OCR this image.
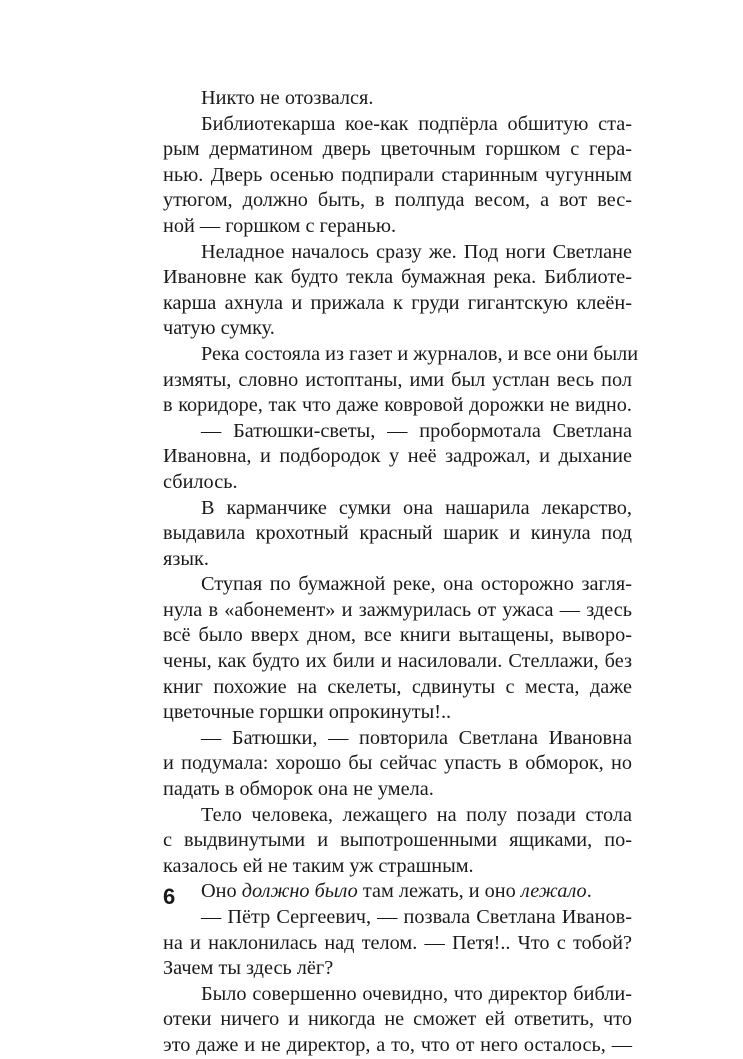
Никто не отозвался.
Библиотекарша кое-как подпёрла обшитую ста-
рым дерматином дверь цветочным горшком с гера-
нью. Дверь осенью подпирали старинным чугунным
утюгом, должно быть, в полпуда весом, а вот вес-
ной — горшком с геранью.
Неладное началось сразу же. Под ноги Светлане
Ивановне как будто текла бумажная река. Библиоте-
карша ахнула и прижала к груди гигантскую клеён-
чатую сумку.
Река состояла из газет и журналов, и все они были
измяты, словно истоптаны, ими был устлан весь пол
в коридоре, так что даже ковровой дорожки не видно.
— Батюшки-светы, — пробормотала Светлана
Ивановна, и подбородок у неё задрожал, и дыхание
сбилось.
В карманчике сумки она нашарила лекарство,
выдавила крохотный красный шарик и кинула под
язык.
Ступая по бумажной реке, она осторожно загля-
нула в «абонемент» и зажмурилась от ужаса — здесь
всё было вверх дном, все книги вытащены, выворо-
чены, как будто их били и насиловали. Стеллажи, без
книг похожие на скелеты, сдвинуты с места, даже
цветочные горшки опрокинуты!..
— Батюшки, — повторила Светлана Ивановна
и подумала: хорошо бы сейчас упасть в обморок, но
падать в обморок она не умела.
Тело человека, лежащего на полу позади стола
с выдвинутыми и выпотрошенными ящиками, по-
казалось ей не таким уж страшным.
Оно должно было там лежать, и оно лежало.
— Пётр Сергеевич, — позвала Светлана Иванов-
на и наклонилась над телом. — Петя!.. Что с тобой?
Зачем ты здесь лёг?
Было совершенно очевидно, что директор библи-
отеки ничего и никогда не сможет ей ответить, что
это даже и не директор, а то, что от него осталось, —
6
